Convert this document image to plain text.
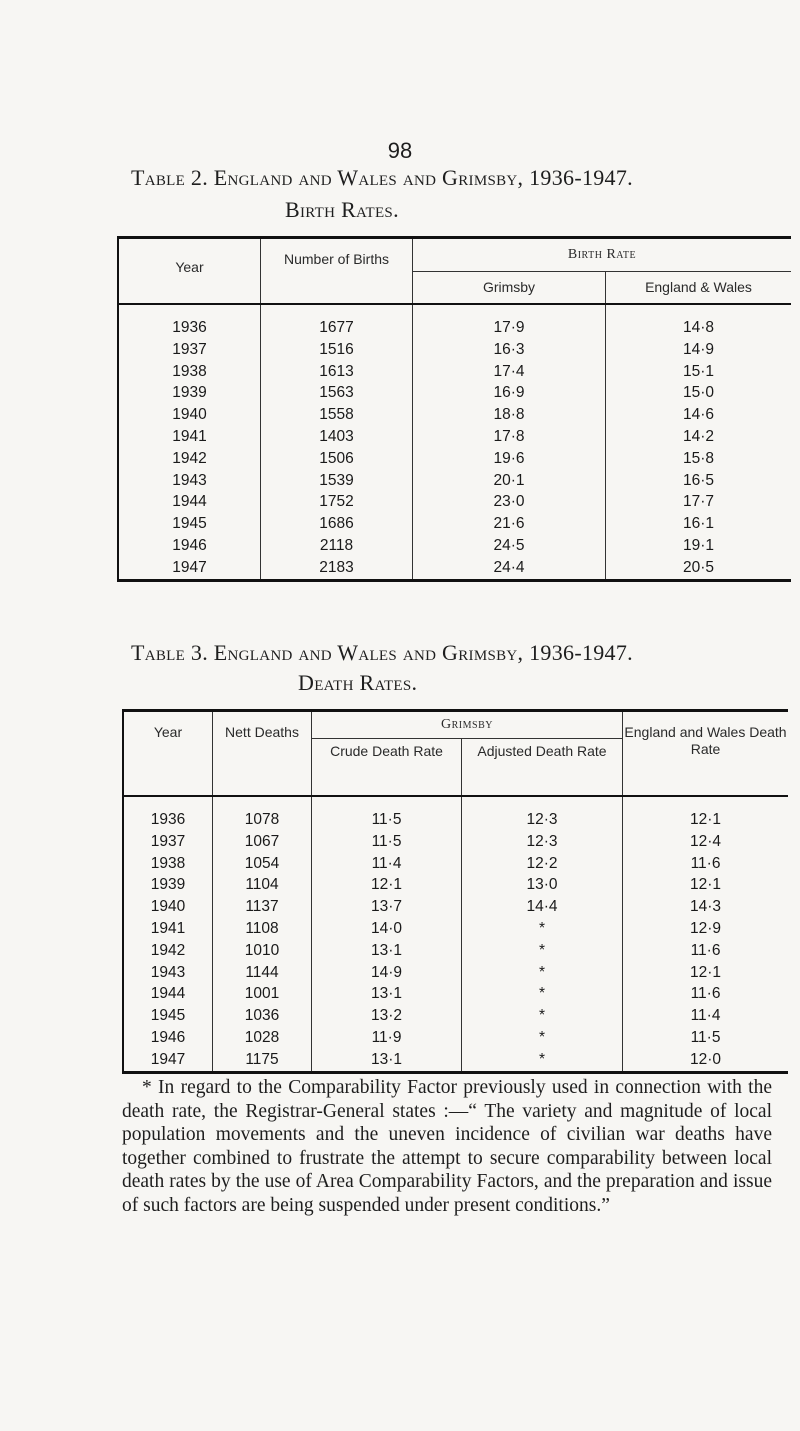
98
Table 2. England and Wales and Grimsby, 1936-1947.
Birth Rates.
Year	Number of Births	Birth Rate	
		Grimsby	England & Wales

1936	1677	17·9	14·8
1937	1516	16·3	14·9
1938	1613	17·4	15·1
1939	1563	16·9	15·0
1940	1558	18·8	14·6
1941	1403	17·8	14·2
1942	1506	19·6	15·8
1943	1539	20·1	16·5
1944	1752	23·0	17·7
1945	1686	21·6	16·1
1946	2118	24·5	19·1
1947	2183	24·4	20·5
Table 3. England and Wales and Grimsby, 1936-1947.
Death Rates.
Year	Nett Deaths	Grimsby		England and Wales Death Rate
		Crude Death Rate	Adjusted Death Rate	

1936	1078	11·5	12·3	12·1
1937	1067	11·5	12·3	12·4
1938	1054	11·4	12·2	11·6
1939	1104	12·1	13·0	12·1
1940	1137	13·7	14·4	14·3
1941	1108	14·0	*	12·9
1942	1010	13·1	*	11·6
1943	1144	14·9	*	12·1
1944	1001	13·1	*	11·6
1945	1036	13·2	*	11·4
1946	1028	11·9	*	11·5
1947	1175	13·1	*	12·0
* In regard to the Comparability Factor previously used in connection with the death rate, the Registrar-General states :—“ The variety and magnitude of local population movements and the uneven incidence of civilian war deaths have together combined to frustrate the attempt to secure comparability between local death rates by the use of Area Comparability Factors, and the preparation and issue of such factors are being suspended under present conditions.”
